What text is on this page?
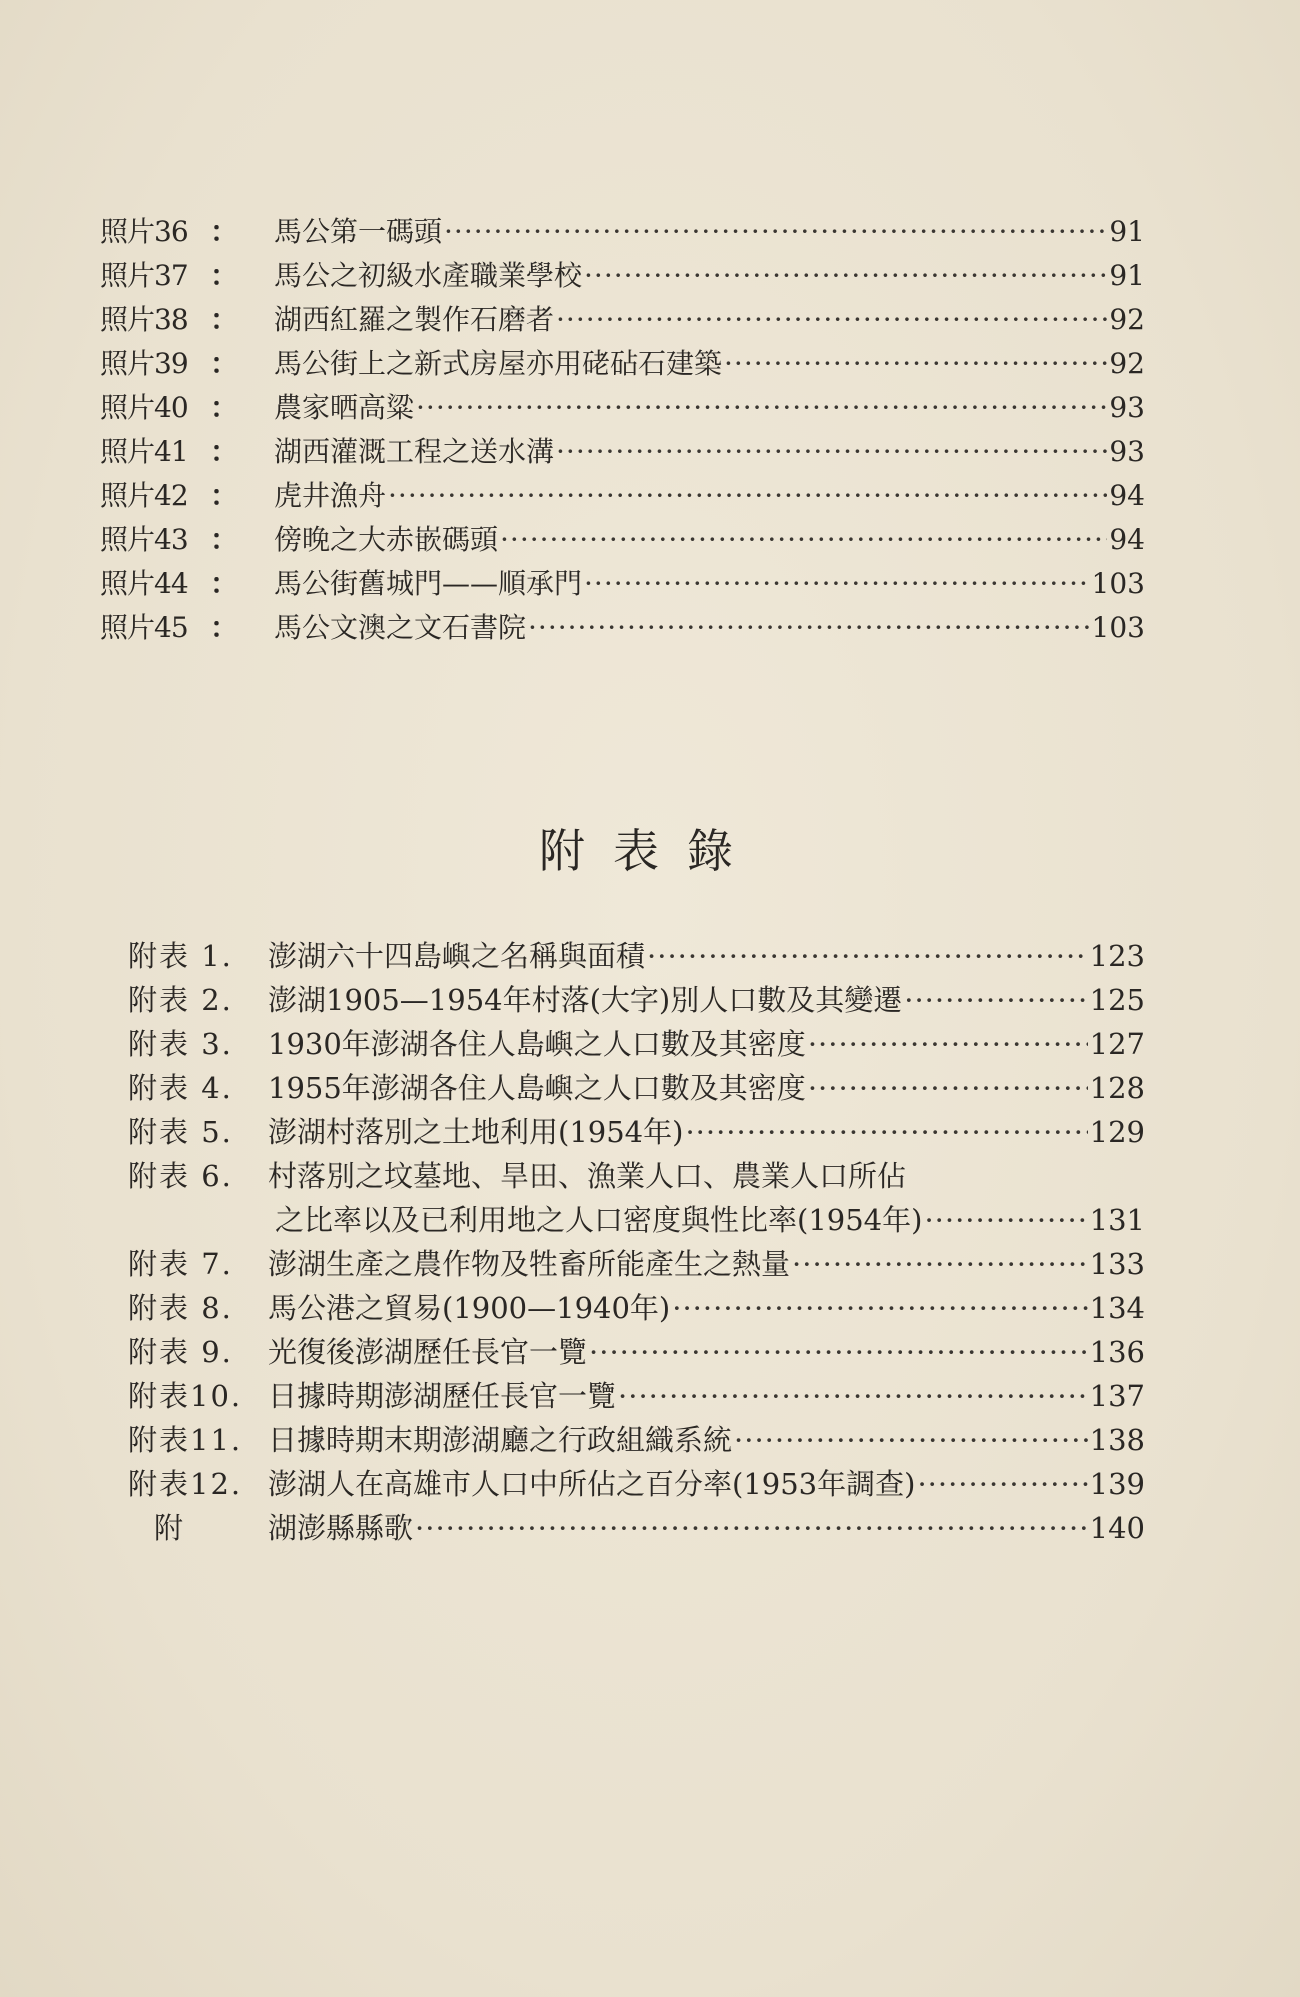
照片36 ：	馬公第一碼頭 ·····	91
照片37 ：	馬公之初級水產職業學校 ·····	91
照片38 ：	湖西紅羅之製作石磨者 ·····	92
照片39 ：	馬公街上之新式房屋亦用硓砧石建築 ·····	92
照片40 ：	農家晒高粱 ·····	93
照片41 ：	湖西灌溉工程之送水溝 ·····	93
照片42 ：	虎井漁舟 ·····	94
照片43 ：	傍晚之大赤嵌碼頭 ·····	94
照片44 ：	馬公街舊城門——順承門 ·····	103
照片45 ：	馬公文澳之文石書院 ·····	103
附表錄
附表 1.	澎湖六十四島嶼之名稱與面積 ·····	123
附表 2.	澎湖1905—1954年村落(大字)別人口數及其變遷 ·····	125
附表 3.	1930年澎湖各住人島嶼之人口數及其密度 ·····	127
附表 4.	1955年澎湖各住人島嶼之人口數及其密度 ·····	128
附表 5.	澎湖村落別之土地利用(1954年) ·····	129
附表 6.	村落別之坟墓地、旱田、漁業人口、農業人口所佔
之比率以及已利用地之人口密度與性比率(1954年) ·····	131
附表 7.	澎湖生產之農作物及牲畜所能產生之熱量 ·····	133
附表 8.	馬公港之貿易(1900—1940年) ·····	134
附表 9.	光復後澎湖歷任長官一覽 ·····	136
附表10. 日據時期澎湖歷任長官一覽 ·····	137
附表11. 日據時期末期澎湖廳之行政組織系統 ·····	138
附表12. 澎湖人在高雄市人口中所佔之百分率(1953年調查) ·····	139
附	湖澎縣縣歌 ·····	140
